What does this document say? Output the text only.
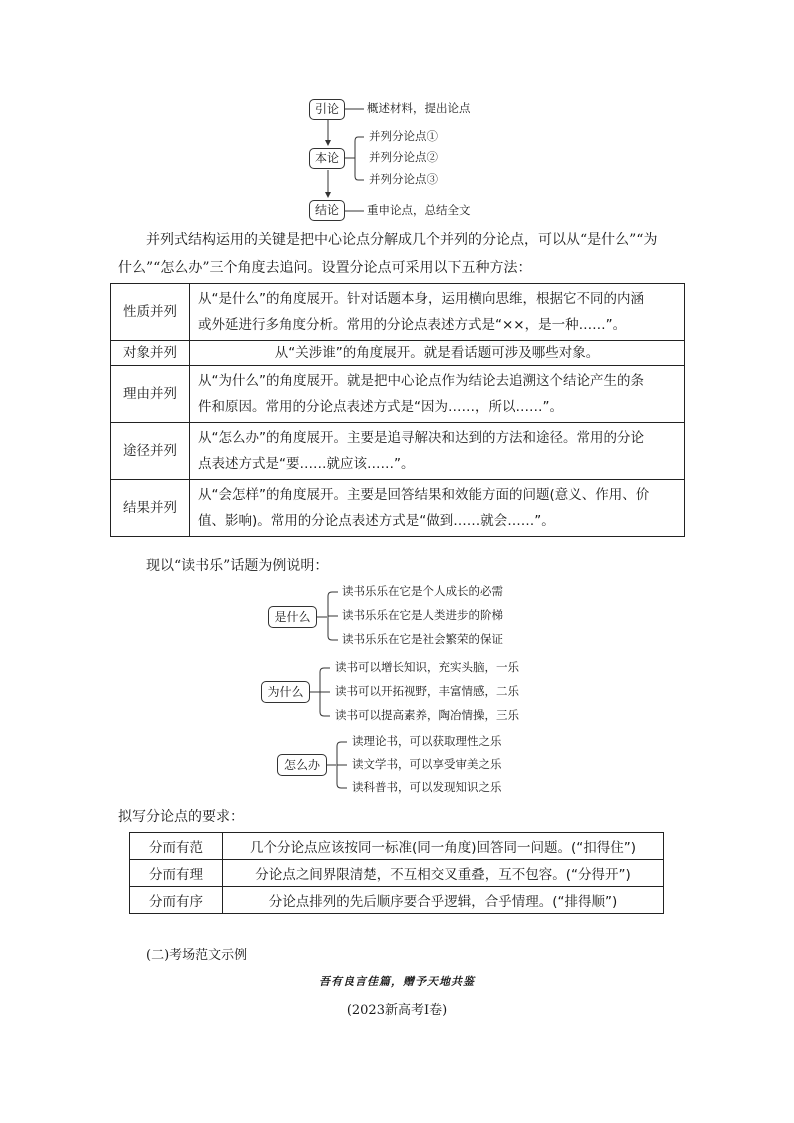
引论	概述材料，提出论点
本论
并列分论点①
并列分论点②
并列分论点③
结论	重申论点，总结全文
并列式结构运用的关键是把中心论点分解成几个并列的分论点，可以从“是什么”“为
什么”“怎么办”三个角度去追问。设置分论点可采用以下五种方法：
性质并列	从“是什么”的角度展开。针对话题本身，运用横向思维，根据它不同的内涵
或外延进行多角度分析。常用的分论点表述方式是“××，是一种……”。

对象并列	从“关涉谁”的角度展开。就是看话题可涉及哪些对象。

理由并列	从“为什么”的角度展开。就是把中心论点作为结论去追溯这个结论产生的条
件和原因。常用的分论点表述方式是“因为……，所以……”。

途径并列	从“怎么办”的角度展开。主要是追寻解决和达到的方法和途径。常用的分论
点表述方式是“要……就应该……”。

结果并列	从“会怎样”的角度展开。主要是回答结果和效能方面的问题(意义、作用、价
值、影响)。常用的分论点表述方式是“做到……就会……”。
现以“读书乐”话题为例说明：
是什么
读书乐乐在它是个人成长的必需
读书乐乐在它是人类进步的阶梯
读书乐乐在它是社会繁荣的保证
为什么
读书可以增长知识，充实头脑，一乐
读书可以开拓视野，丰富情感，二乐
读书可以提高素养，陶冶情操，三乐
怎么办
读理论书，可以获取理性之乐
读文学书，可以享受审美之乐
读科普书，可以发现知识之乐
拟写分论点的要求：
分而有范	几个分论点应该按同一标准(同一角度)回答同一问题。(“扣得住”)
分而有理	分论点之间界限清楚，不互相交叉重叠，互不包容。(“分得开”)
分而有序	分论点排列的先后顺序要合乎逻辑，合乎情理。(“排得顺”)
(二)考场范文示例
吾有良言佳篇，赠予天地共鉴
(2023新高考Ⅰ卷)
